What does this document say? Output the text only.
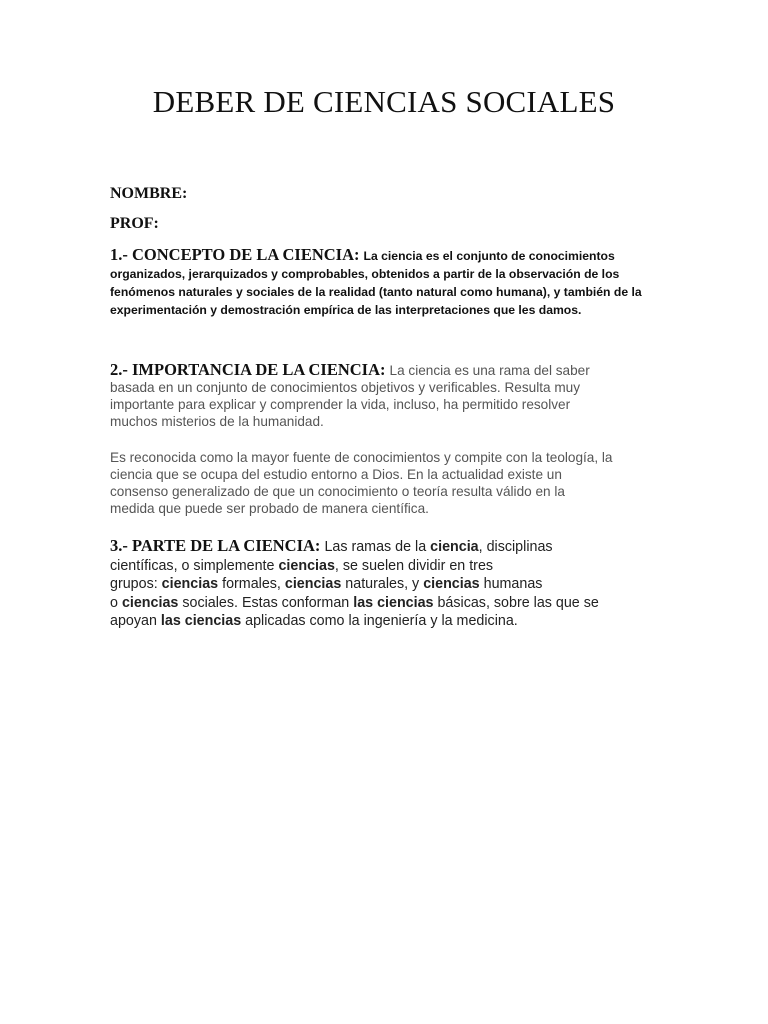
DEBER DE CIENCIAS SOCIALES
NOMBRE:
PROF:
1.- CONCEPTO DE LA CIENCIA: La ciencia es el conjunto de conocimientos
organizados, jerarquizados y comprobables, obtenidos a partir de la observación de los
fenómenos naturales y sociales de la realidad (tanto natural como humana), y también de la
experimentación y demostración empírica de las interpretaciones que les damos.
2.- IMPORTANCIA DE LA CIENCIA: La ciencia es una rama del saber
basada en un conjunto de conocimientos objetivos y verificables. Resulta muy
importante para explicar y comprender la vida, incluso, ha permitido resolver
muchos misterios de la humanidad.
Es reconocida como la mayor fuente de conocimientos y compite con la teología, la
ciencia que se ocupa del estudio entorno a Dios. En la actualidad existe un
consenso generalizado de que un conocimiento o teoría resulta válido en la
medida que puede ser probado de manera científica.
3.- PARTE DE LA CIENCIA: Las ramas de la ciencia, disciplinas
científicas, o simplemente ciencias, se suelen dividir en tres
grupos: ciencias formales, ciencias naturales, y ciencias humanas
o ciencias sociales. Estas conforman las ciencias básicas, sobre las que se
apoyan las ciencias aplicadas como la ingeniería y la medicina.
